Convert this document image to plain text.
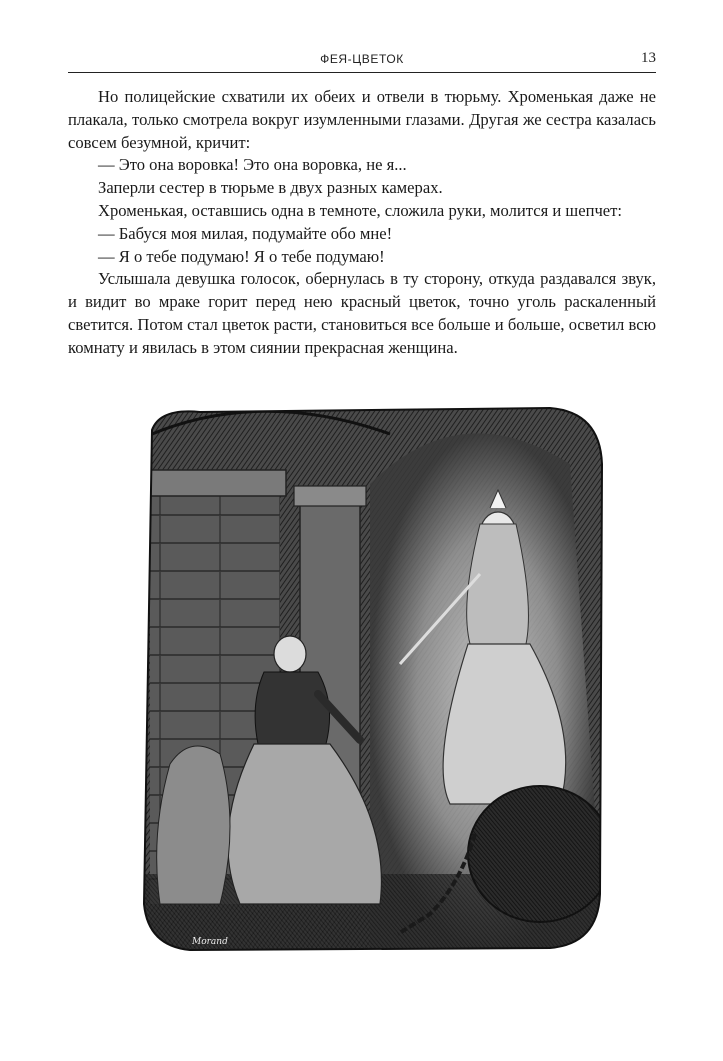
ФЕЯ-ЦВЕТОК	13

Но полицейские схватили их обеих и отвели в тюрьму. Хроменькая даже не плакала, только смотрела вокруг изумленными глазами. Другая же сестра казалась совсем безумной, кричит:

— Это она воровка! Это она воровка, не я...

Заперли сестер в тюрьме в двух разных камерах.

Хроменькая, оставшись одна в темноте, сложила руки, молится и шепчет:

— Бабуся моя милая, подумайте обо мне!

— Я о тебе подумаю! Я о тебе подумаю!

Услышала девушка голосок, обернулась в ту сторону, откуда раздавался звук, и видит во мраке горит перед нею красный цветок, точно уголь раскаленный светится. Потом стал цветок расти, становиться все больше и больше, осветил всю комнату и явилась в этом сиянии прекрасная женщина.

Morand
